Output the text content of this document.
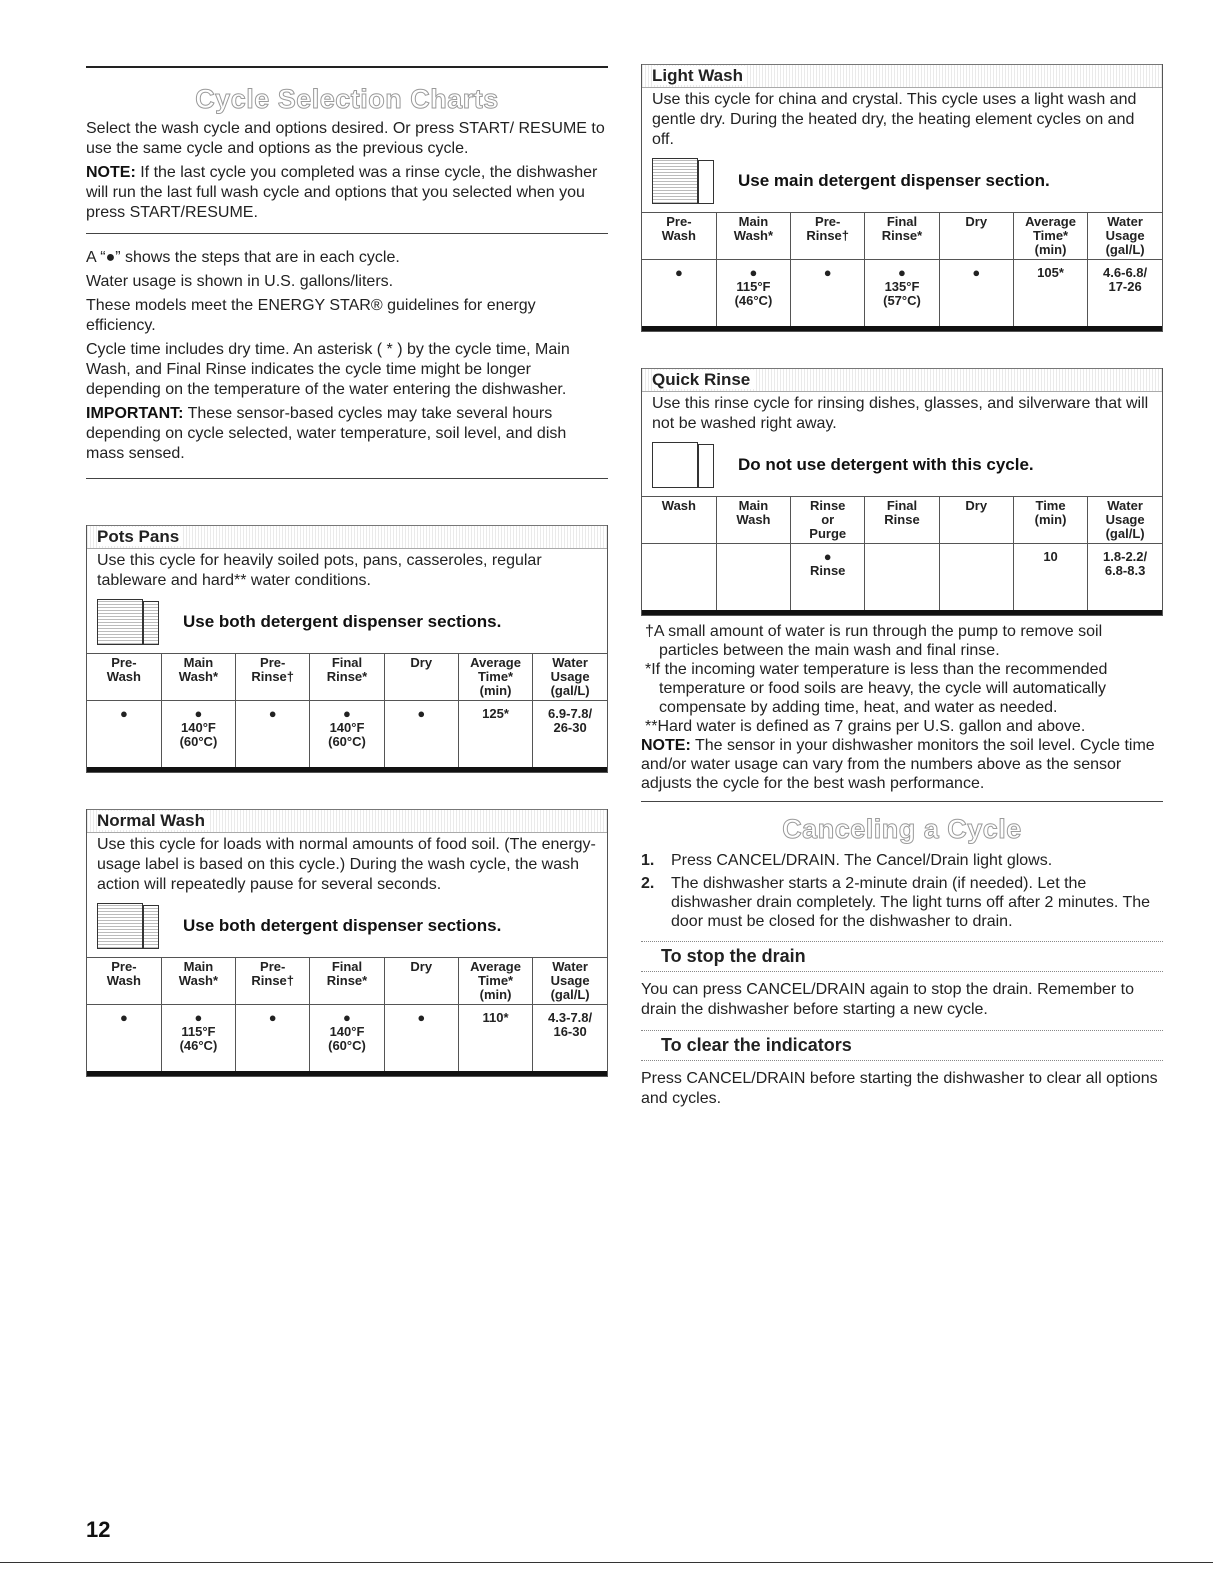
Cycle Selection Charts

Select the wash cycle and options desired. Or press START/ RESUME to use the same cycle and options as the previous cycle.

NOTE: If the last cycle you completed was a rinse cycle, the dishwasher will run the last full wash cycle and options that you selected when you press START/RESUME.

A “●” shows the steps that are in each cycle.

Water usage is shown in U.S. gallons/liters.

These models meet the ENERGY STAR® guidelines for energy efficiency.

Cycle time includes dry time. An asterisk ( * ) by the cycle time, Main Wash, and Final Rinse indicates the cycle time might be longer depending on the temperature of the water entering the dishwasher.

IMPORTANT: These sensor-based cycles may take several hours depending on cycle selected, water temperature, soil level, and dish mass sensed.

Pots Pans
Use this cycle for heavily soiled pots, pans, casseroles, regular tableware and hard** water conditions.
Use both detergent dispenser sections.
Pre-
Wash	Main
Wash*	Pre-
Rinse†	Final
Rinse*	Dry	Average
Time*
(min)	Water
Usage
(gal/L)

●	●
140°F
(60°C)	●	●
140°F
(60°C)	●	125*	6.9-7.8/
26-30
Normal Wash
Use this cycle for loads with normal amounts of food soil. (The energy-usage label is based on this cycle.) During the wash cycle, the wash action will repeatedly pause for several seconds.
Use both detergent dispenser sections.
Pre-
Wash	Main
Wash*	Pre-
Rinse†	Final
Rinse*	Dry	Average
Time*
(min)	Water
Usage
(gal/L)

●	●
115°F
(46°C)	●	●
140°F
(60°C)	●	110*	4.3-7.8/
16-30
Light Wash
Use this cycle for china and crystal. This cycle uses a light wash and gentle dry. During the heated dry, the heating element cycles on and off.
Use main detergent dispenser section.
Pre-
Wash	Main
Wash*	Pre-
Rinse†	Final
Rinse*	Dry	Average
Time*
(min)	Water
Usage
(gal/L)

●	●
115°F
(46°C)	●	●
135°F
(57°C)	●	105*	4.6-6.8/
17-26
Quick Rinse
Use this rinse cycle for rinsing dishes, glasses, and silverware that will not be washed right away.
Do not use detergent with this cycle.
Wash	Main
Wash	Rinse
or
Purge	Final
Rinse	Dry	Time
(min)	Water
Usage
(gal/L)

		●
Rinse			10	1.8-2.2/
6.8-8.3

†A small amount of water is run through the pump to remove soil particles between the main wash and final rinse.

*If the incoming water temperature is less than the recommended temperature or food soils are heavy, the cycle will automatically compensate by adding time, heat, and water as needed.

**Hard water is defined as 7 grains per U.S. gallon and above.

NOTE: The sensor in your dishwasher monitors the soil level. Cycle time and/or water usage can vary from the numbers above as the sensor adjusts the cycle for the best wash performance.

Canceling a Cycle
1.	Press CANCEL/DRAIN. The Cancel/Drain light glows.
2.	The dishwasher starts a 2-minute drain (if needed). Let the dishwasher drain completely. The light turns off after 2 minutes. The door must be closed for the dishwasher to drain.
To stop the drain

You can press CANCEL/DRAIN again to stop the drain. Remember to drain the dishwasher before starting a new cycle.

To clear the indicators

Press CANCEL/DRAIN before starting the dishwasher to clear all options and cycles.

12
